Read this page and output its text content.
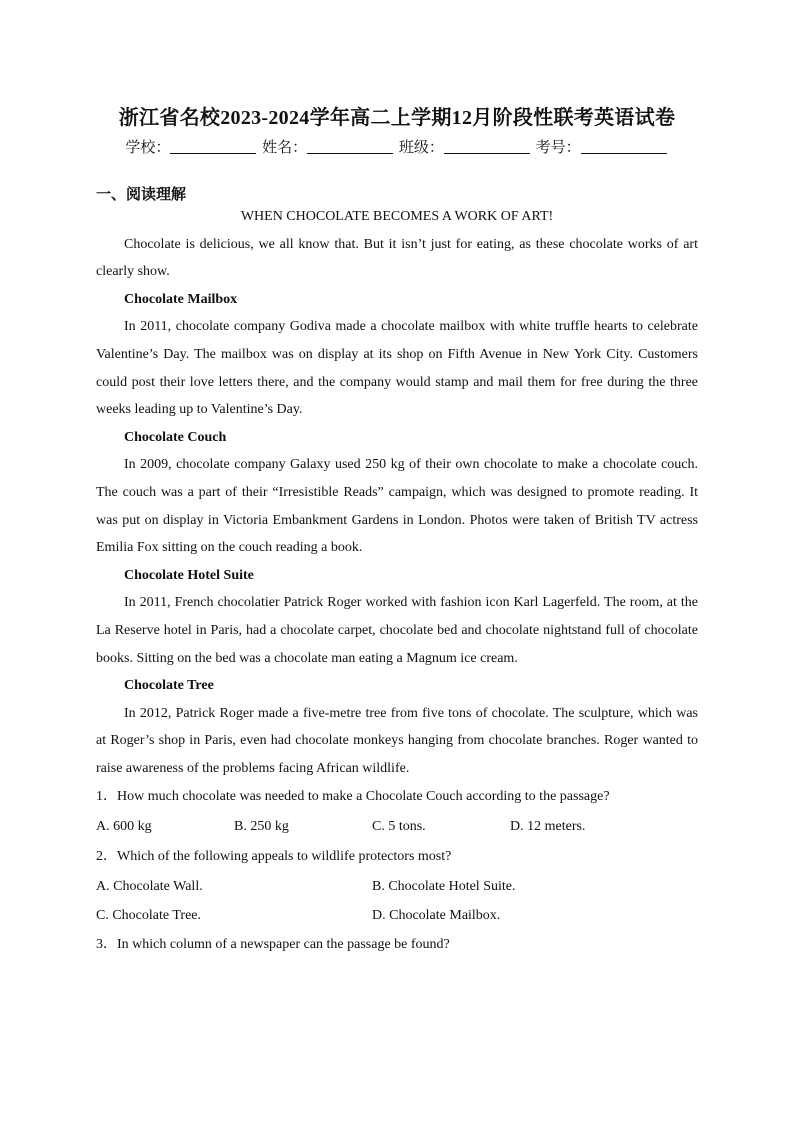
浙江省名校2023-2024学年高二上学期12月阶段性联考英语试卷
学校：	姓名：	班级：	考号：
一、阅读理解

WHEN CHOCOLATE BECOMES A WORK OF ART!

Chocolate is delicious, we all know that. But it isn’t just for eating, as these chocolate works of art clearly show.

Chocolate Mailbox

In 2011, chocolate company Godiva made a chocolate mailbox with white truffle hearts to celebrate Valentine’s Day. The mailbox was on display at its shop on Fifth Avenue in New York City. Customers could post their love letters there, and the company would stamp and mail them for free during the three weeks leading up to Valentine’s Day.

Chocolate Couch

In 2009, chocolate company Galaxy used 250 kg of their own chocolate to make a chocolate couch. The couch was a part of their “Irresistible Reads” campaign, which was designed to promote reading. It was put on display in Victoria Embankment Gardens in London. Photos were taken of British TV actress Emilia Fox sitting on the couch reading a book.

Chocolate Hotel Suite

In 2011, French chocolatier Patrick Roger worked with fashion icon Karl Lagerfeld. The room, at the La Reserve hotel in Paris, had a chocolate carpet, chocolate bed and chocolate nightstand full of chocolate books. Sitting on the bed was a chocolate man eating a Magnum ice cream.

Chocolate Tree

In 2012, Patrick Roger made a five-metre tree from five tons of chocolate. The sculpture, which was at Roger’s shop in Paris, even had chocolate monkeys hanging from chocolate branches. Roger wanted to raise awareness of the problems facing African wildlife.

1．How much chocolate was needed to make a Chocolate Couch according to the passage?

A. 600 kg	B. 250 kg	C. 5 tons.	D. 12 meters.

2．Which of the following appeals to wildlife protectors most?

A. Chocolate Wall.	B. Chocolate Hotel Suite.
C. Chocolate Tree.	D. Chocolate Mailbox.

3．In which column of a newspaper can the passage be found?
